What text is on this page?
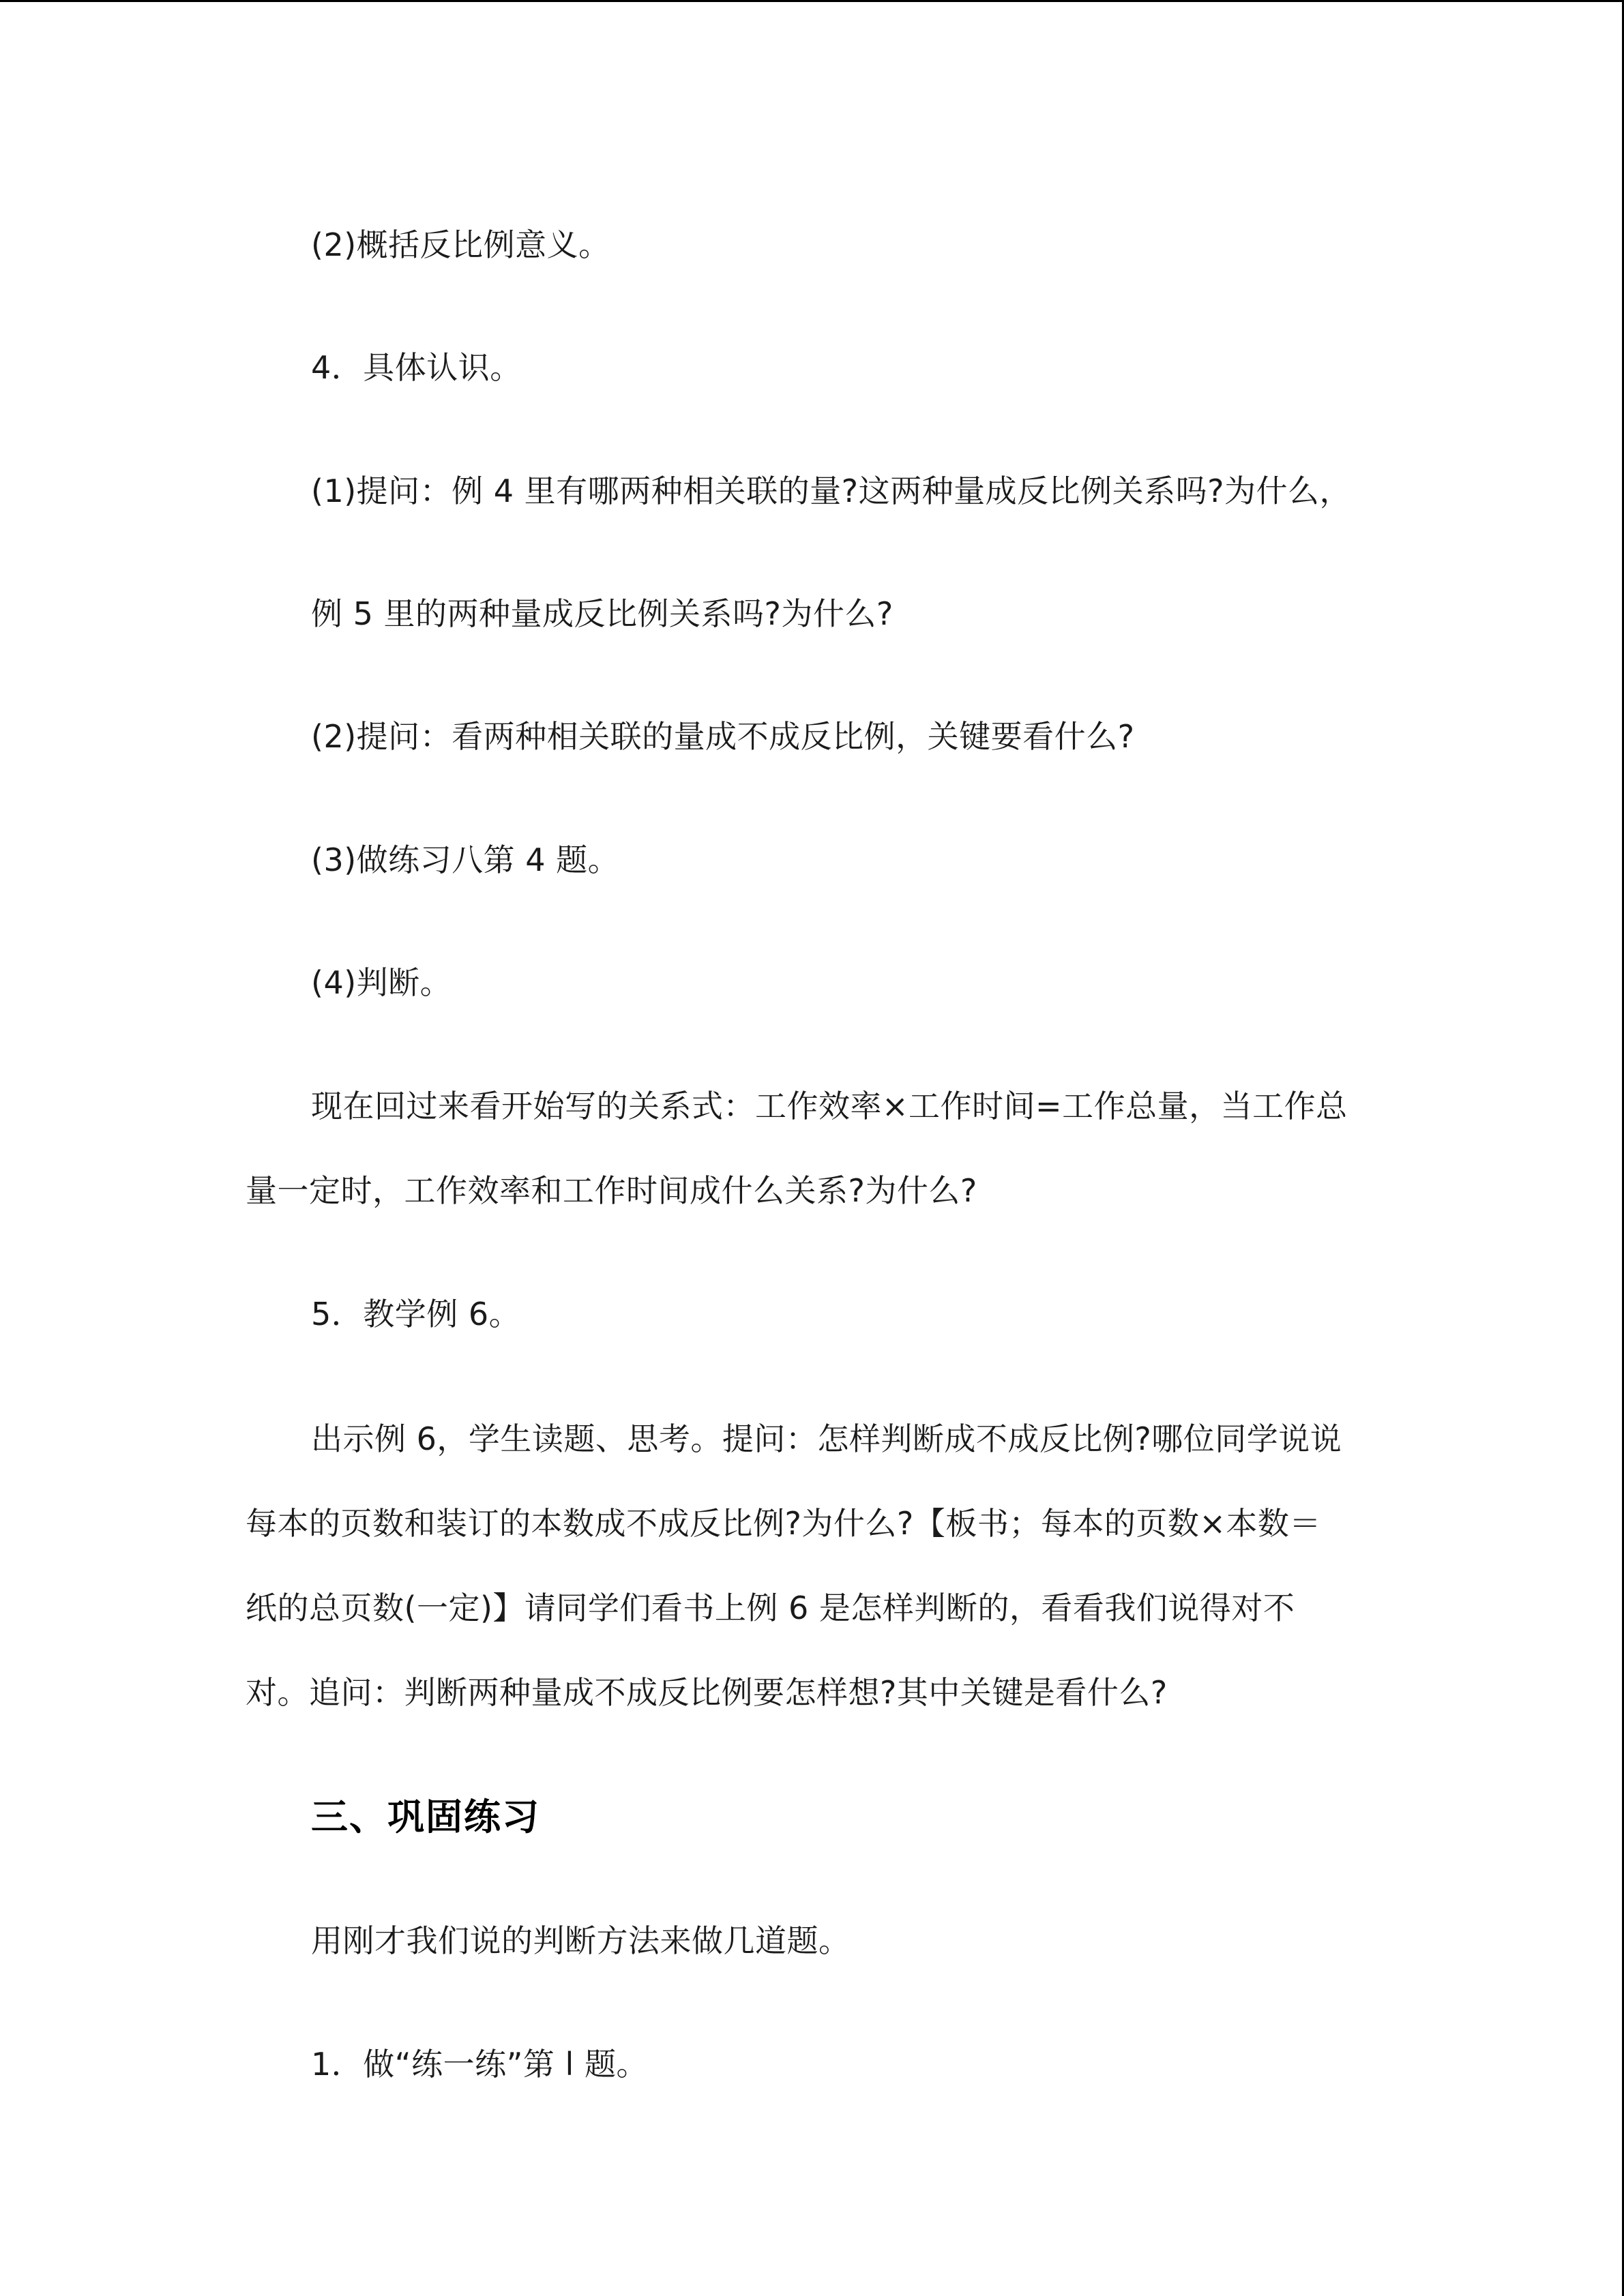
(2)概括反比例意义。

4．具体认识。

(1)提问：例 4 里有哪两种相关联的量?这两种量成反比例关系吗?为什么，

例 5 里的两种量成反比例关系吗?为什么?

(2)提问：看两种相关联的量成不成反比例，关键要看什么?

(3)做练习八第 4 题。

(4)判断。

现在回过来看开始写的关系式：工作效率×工作时间=工作总量，当工作总
量一定时，工作效率和工作时间成什么关系?为什么?

5．教学例 6。

出示例 6，学生读题、思考。提问：怎样判断成不成反比例?哪位同学说说
每本的页数和装订的本数成不成反比例?为什么?【板书；每本的页数×本数＝
纸的总页数(一定)】请同学们看书上例 6 是怎样判断的，看看我们说得对不
对。追问：判断两种量成不成反比例要怎样想?其中关键是看什么?
三、巩固练习

用刚才我们说的判断方法来做几道题。

1．做“练一练”第 l 题。
